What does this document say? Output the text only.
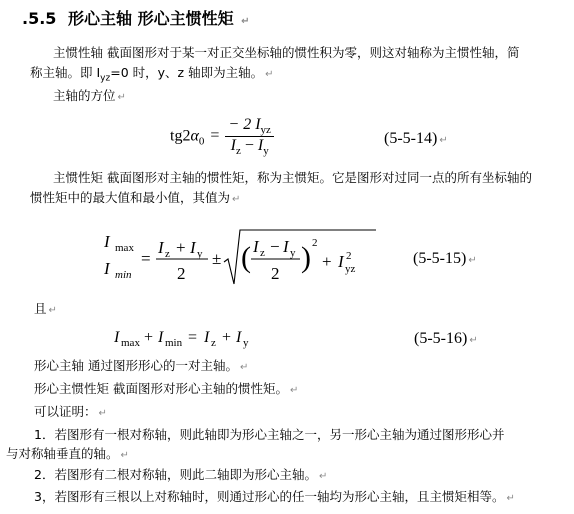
.5.5 形心主轴 形心主惯性矩 ↵
主惯性轴 截面图形对于某一对正交坐标轴的惯性积为零，则这对轴称为主惯性轴，简
称主轴。即 $I_{yz}=0$ 时，y、z 轴即为主轴。 ↵
主轴的方位 ↵
$tg2\alpha_0 = \frac{- 2 I_{yz}}{I_z - I_y}$	(5-5-14) ↵
主惯性矩 截面图形对主轴的惯性矩，称为主惯矩。它是图形对过同一点的所有坐标轴的
惯性矩中的最大值和最小值，其值为 ↵
I max
I min
=
I z + I y
2
± ( I z − I y
2 ) 2
+ I 2
yz
(5-5-15) ↵
且 ↵
I max + I min = I z + I y	(5-5-16) ↵
形心主轴 通过图形形心的一对主轴。 ↵
形心主惯性矩 截面图形对形心主轴的惯性矩。 ↵
可以证明： ↵
1．若图形有一根对称轴，则此轴即为形心主轴之一，另一形心主轴为通过图形形心并
与对称轴垂直的轴。 ↵
2．若图形有二根对称轴，则此二轴即为形心主轴。 ↵
3，若图形有三根以上对称轴时，则通过形心的任一轴均为形心主轴，且主惯矩相等。 ↵
